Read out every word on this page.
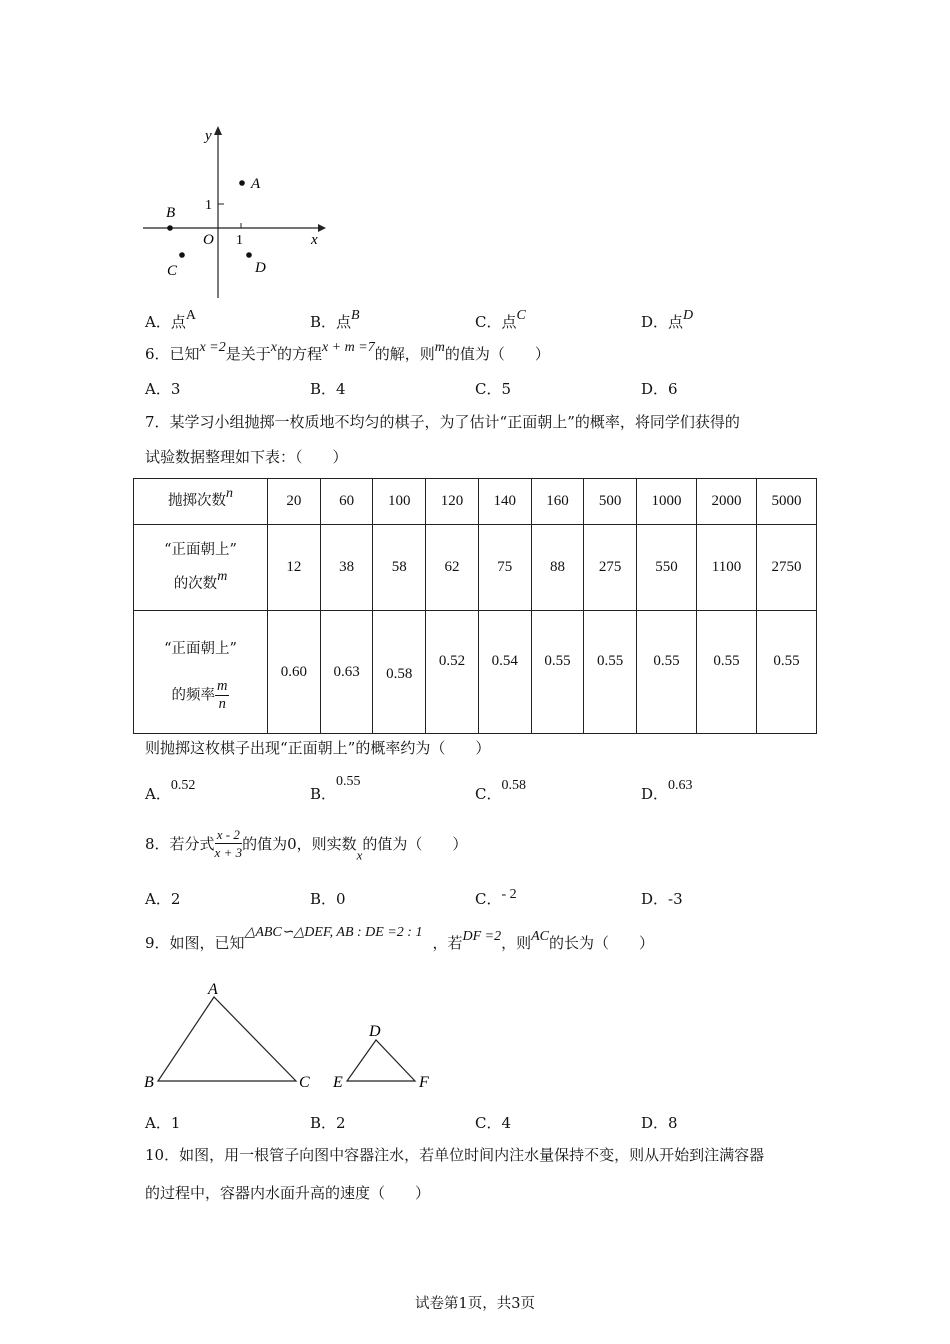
y
x
O 1
1
A
B
C	D
A．点A	B．点B	C．点C	D．点D
6．已知x =2是关于x的方程x + m =7的解，则m的值为（　　）
A．3	B．4	C．5	D．6
7．某学习小组抛掷一枚质地不均匀的棋子，为了估计“正面朝上”的概率，将同学们获得的
试验数据整理如下表：（　　）
抛掷次数n	20	60	100	120	140	160	500	1000	2000	5000

“正面朝上”
的次数m	12	38	58	62	75	88	275	550	1100	2750

“正面朝上”
的频率 $\frac{m}{n}$	0.60	0.63	0.58	0.52	0.54	0.55	0.55	0.55	0.55	0.55
则抛掷这枚棋子出现“正面朝上”的概率约为（　　）
A．0.52	B．0.55
C．0.58	D．0.63
8．若分式 $\frac{x - 2}{x + 3}$ 的值为0，则实数x的值为（　　）
A．2	B．0	C．- 2	D．-3
9．如图，已知△ABC∽△DEF, AB : DE =2 : 1，若DF =2，则AC的长为（　　）
A
B	C
D
E	F
A．1	B．2	C．4	D．8
10．如图，用一根管子向图中容器注水，若单位时间内注水量保持不变，则从开始到注满容器
的过程中，容器内水面升高的速度（　　）
试卷第1页，共3页
